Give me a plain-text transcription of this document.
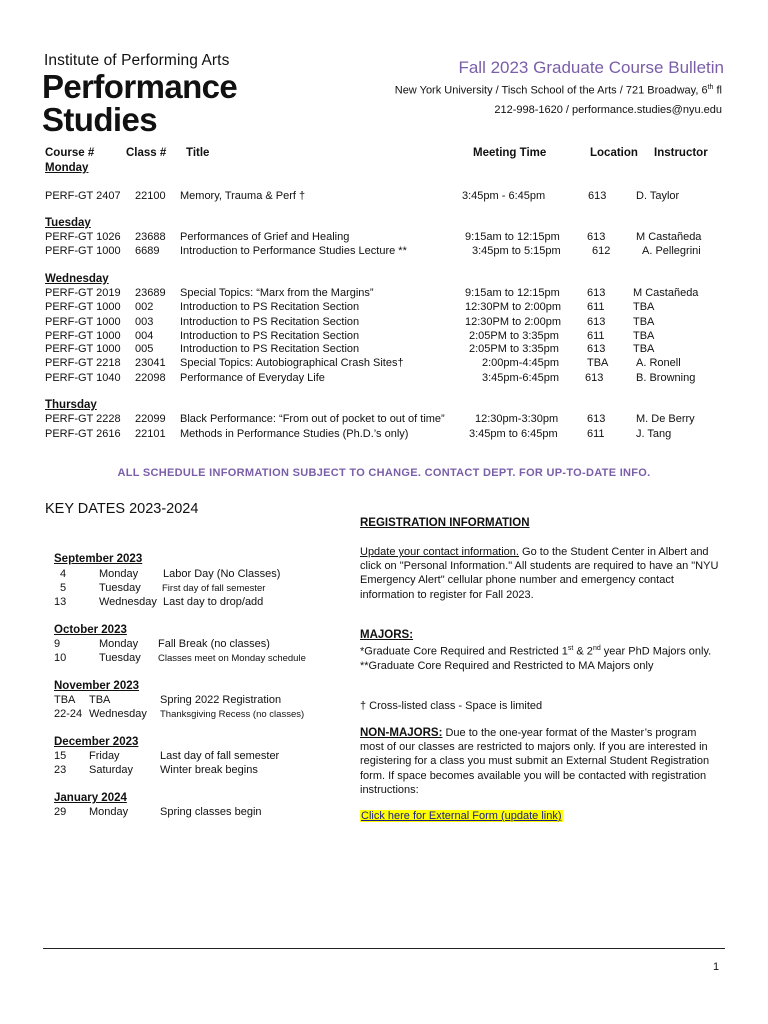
Institute of Performing Arts
Performance
Studies
Fall 2023 Graduate Course Bulletin
New York University / Tisch School of the Arts / 721 Broadway, 6th fl
212-998-1620 / performance.studies@nyu.edu
Course #	Class # Title	Meeting Time	Location Instructor
Monday
PERF-GT 2407 22100 Memory, Trauma & Perf †	3:45pm - 6:45pm	613	D. Taylor
Tuesday
PERF-GT 1026 23688 Performances of Grief and Healing	9:15am to 12:15pm 613	M Castañeda
PERF-GT 1000 6689 Introduction to Performance Studies Lecture **	3:45pm to 5:15pm	612	A. Pellegrini
Wednesday
PERF-GT 2019 23689 Special Topics: “Marx from the Margins”	9:15am to 12:15pm 613	M Castañeda
PERF-GT 1000 002 Introduction to PS Recitation Section	12:30PM to 2:00pm 611	TBA
PERF-GT 1000 003 Introduction to PS Recitation Section	12:30PM to 2:00pm 613	TBA
PERF-GT 1000 004 Introduction to PS Recitation Section	2:05PM to 3:35pm	611	TBA
PERF-GT 1000 005 Introduction to PS Recitation Section	2:05PM to 3:35pm	613	TBA
PERF-GT 2218 23041 Special Topics: Autobiographical Crash Sites†	2:00pm-4:45pm	TBA	A. Ronell
PERF-GT 1040 22098 Performance of Everyday Life	3:45pm-6:45pm 613	B. Browning
Thursday
PERF-GT 2228 22099 Black Performance: “From out of pocket to out of time”	12:30pm-3:30pm	613	M. De Berry
PERF-GT 2616 22101 Methods in Performance Studies (Ph.D.’s only)	3:45pm to 6:45pm	611	J. Tang
ALL SCHEDULE INFORMATION SUBJECT TO CHANGE. CONTACT DEPT. FOR UP-TO-DATE INFO.
KEY DATES 2023-2024
September 2023
4	Monday Labor Day (No Classes)
5	Tuesday First day of fall semester
13	Wednesday Last day to drop/add
October 2023
9	Monday Fall Break (no classes)
10	Tuesday Classes meet on Monday schedule
November 2023
TBA TBA	Spring 2022 Registration
22-24 Wednesday Thanksgiving Recess (no classes)
December 2023
15 Friday	Last day of fall semester
23 Saturday Winter break begins
January 2024
29 Monday	Spring classes begin
REGISTRATION INFORMATION
Update your contact information. Go to the Student Center in Albert and click on "Personal Information." All students are required to have an "NYU Emergency Alert" cellular phone number and emergency contact information to register for Fall 2023.
MAJORS:
*Graduate Core Required and Restricted 1st & 2nd year PhD Majors only.
**Graduate Core Required and Restricted to MA Majors only
† Cross-listed class - Space is limited
NON-MAJORS: Due to the one-year format of the Master’s program most of our classes are restricted to majors only. If you are interested in registering for a class you must submit an External Student Registration form. If space becomes available you will be contacted with registration instructions:
Click here for External Form (update link)
1
